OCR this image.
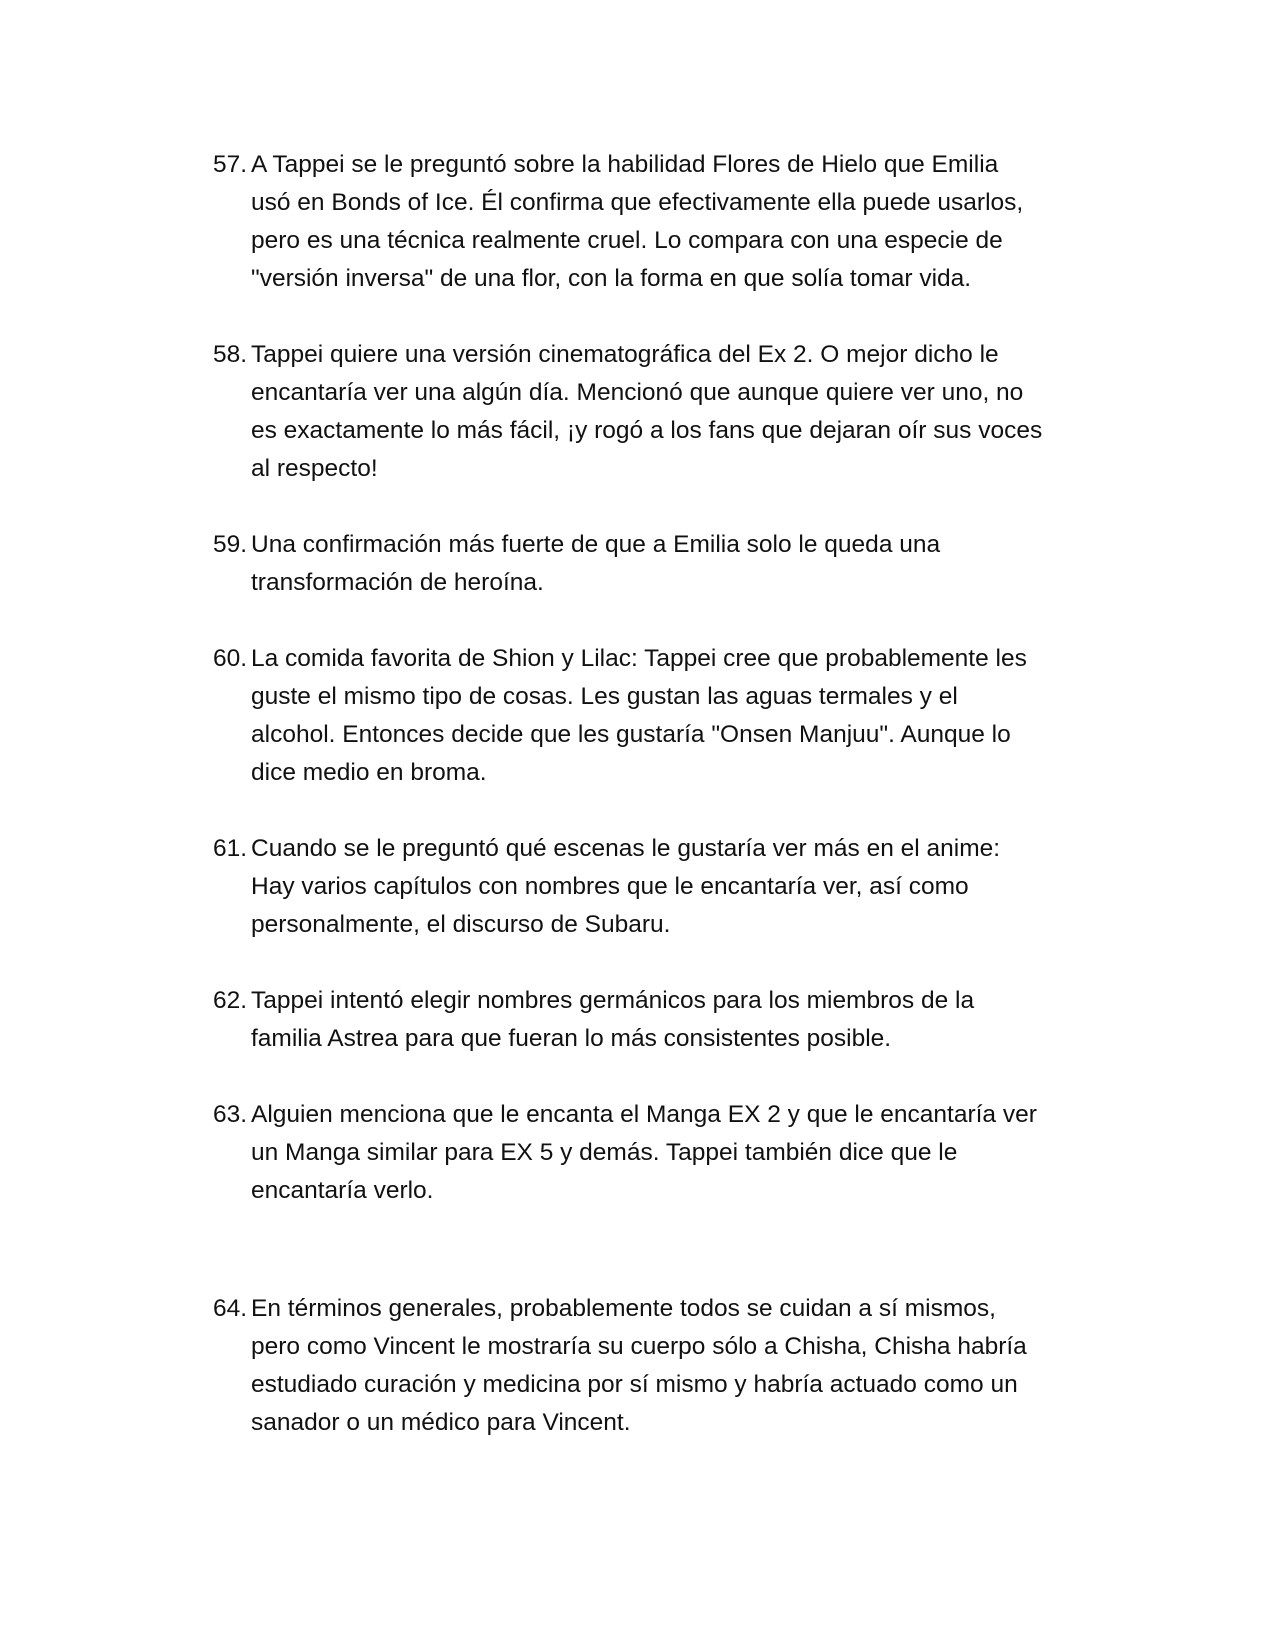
57. A Tappei se le preguntó sobre la habilidad Flores de Hielo que Emilia
usó en Bonds of Ice. Él confirma que efectivamente ella puede usarlos,
pero es una técnica realmente cruel. Lo compara con una especie de
"versión inversa" de una flor, con la forma en que solía tomar vida.
58. Tappei quiere una versión cinematográfica del Ex 2. O mejor dicho le
encantaría ver una algún día. Mencionó que aunque quiere ver uno, no
es exactamente lo más fácil, ¡y rogó a los fans que dejaran oír sus voces
al respecto!
59. Una confirmación más fuerte de que a Emilia solo le queda una
transformación de heroína.
60. La comida favorita de Shion y Lilac: Tappei cree que probablemente les
guste el mismo tipo de cosas. Les gustan las aguas termales y el
alcohol. Entonces decide que les gustaría "Onsen Manjuu". Aunque lo
dice medio en broma.
61. Cuando se le preguntó qué escenas le gustaría ver más en el anime:
Hay varios capítulos con nombres que le encantaría ver, así como
personalmente, el discurso de Subaru.
62. Tappei intentó elegir nombres germánicos para los miembros de la
familia Astrea para que fueran lo más consistentes posible.
63. Alguien menciona que le encanta el Manga EX 2 y que le encantaría ver
un Manga similar para EX 5 y demás. Tappei también dice que le
encantaría verlo.
64. En términos generales, probablemente todos se cuidan a sí mismos,
pero como Vincent le mostraría su cuerpo sólo a Chisha, Chisha habría
estudiado curación y medicina por sí mismo y habría actuado como un
sanador o un médico para Vincent.
